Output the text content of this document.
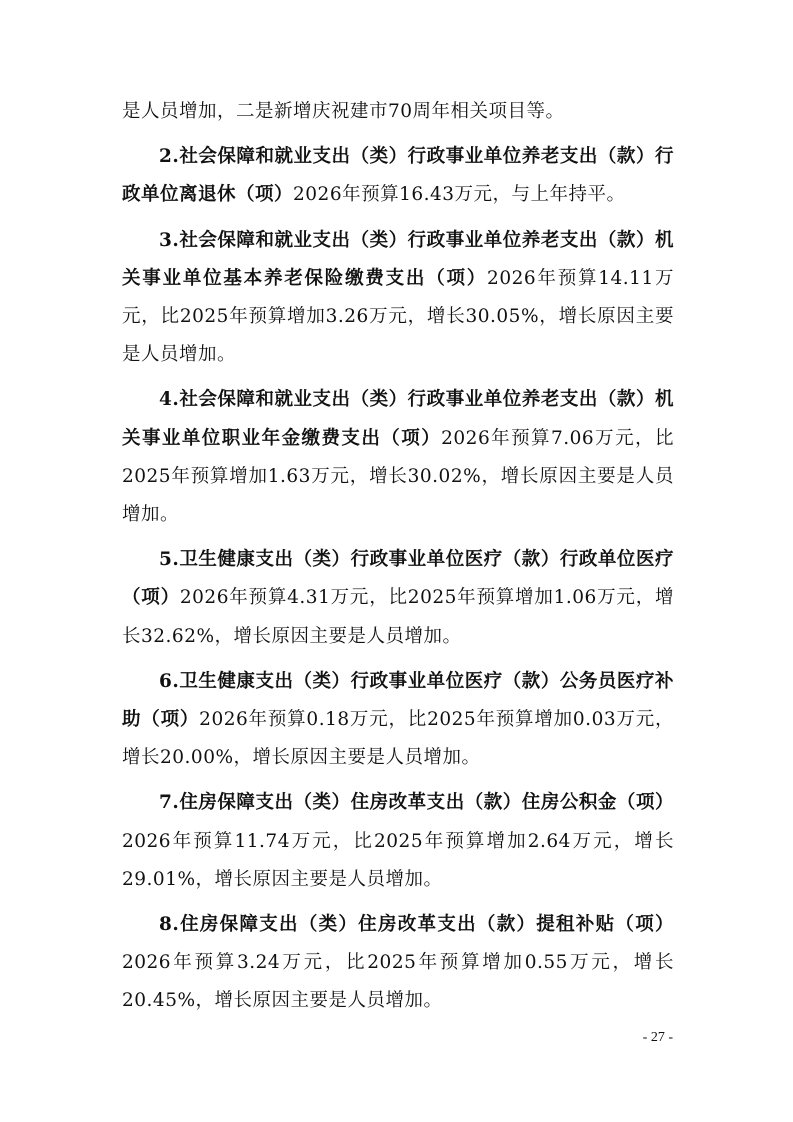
是人员增加，二是新增庆祝建市70周年相关项目等。

2.社会保障和就业支出（类）行政事业单位养老支出（款）行政单位离退休（项）2026年预算16.43万元，与上年持平。

3.社会保障和就业支出（类）行政事业单位养老支出（款）机关事业单位基本养老保险缴费支出（项）2026年预算14.11万元，比2025年预算增加3.26万元，增长30.05%，增长原因主要是人员增加。

4.社会保障和就业支出（类）行政事业单位养老支出（款）机关事业单位职业年金缴费支出（项）2026年预算7.06万元，比2025年预算增加1.63万元，增长30.02%，增长原因主要是人员增加。

5.卫生健康支出（类）行政事业单位医疗（款）行政单位医疗（项）2026年预算4.31万元，比2025年预算增加1.06万元，增长32.62%，增长原因主要是人员增加。

6.卫生健康支出（类）行政事业单位医疗（款）公务员医疗补助（项）2026年预算0.18万元，比2025年预算增加0.03万元，增长20.00%，增长原因主要是人员增加。

7.住房保障支出（类）住房改革支出（款）住房公积金（项）2026年预算11.74万元，比2025年预算增加2.64万元，增长29.01%，增长原因主要是人员增加。

8.住房保障支出（类）住房改革支出（款）提租补贴（项）2026年预算3.24万元，比2025年预算增加0.55万元，增长20.45%，增长原因主要是人员增加。

- 27 -
